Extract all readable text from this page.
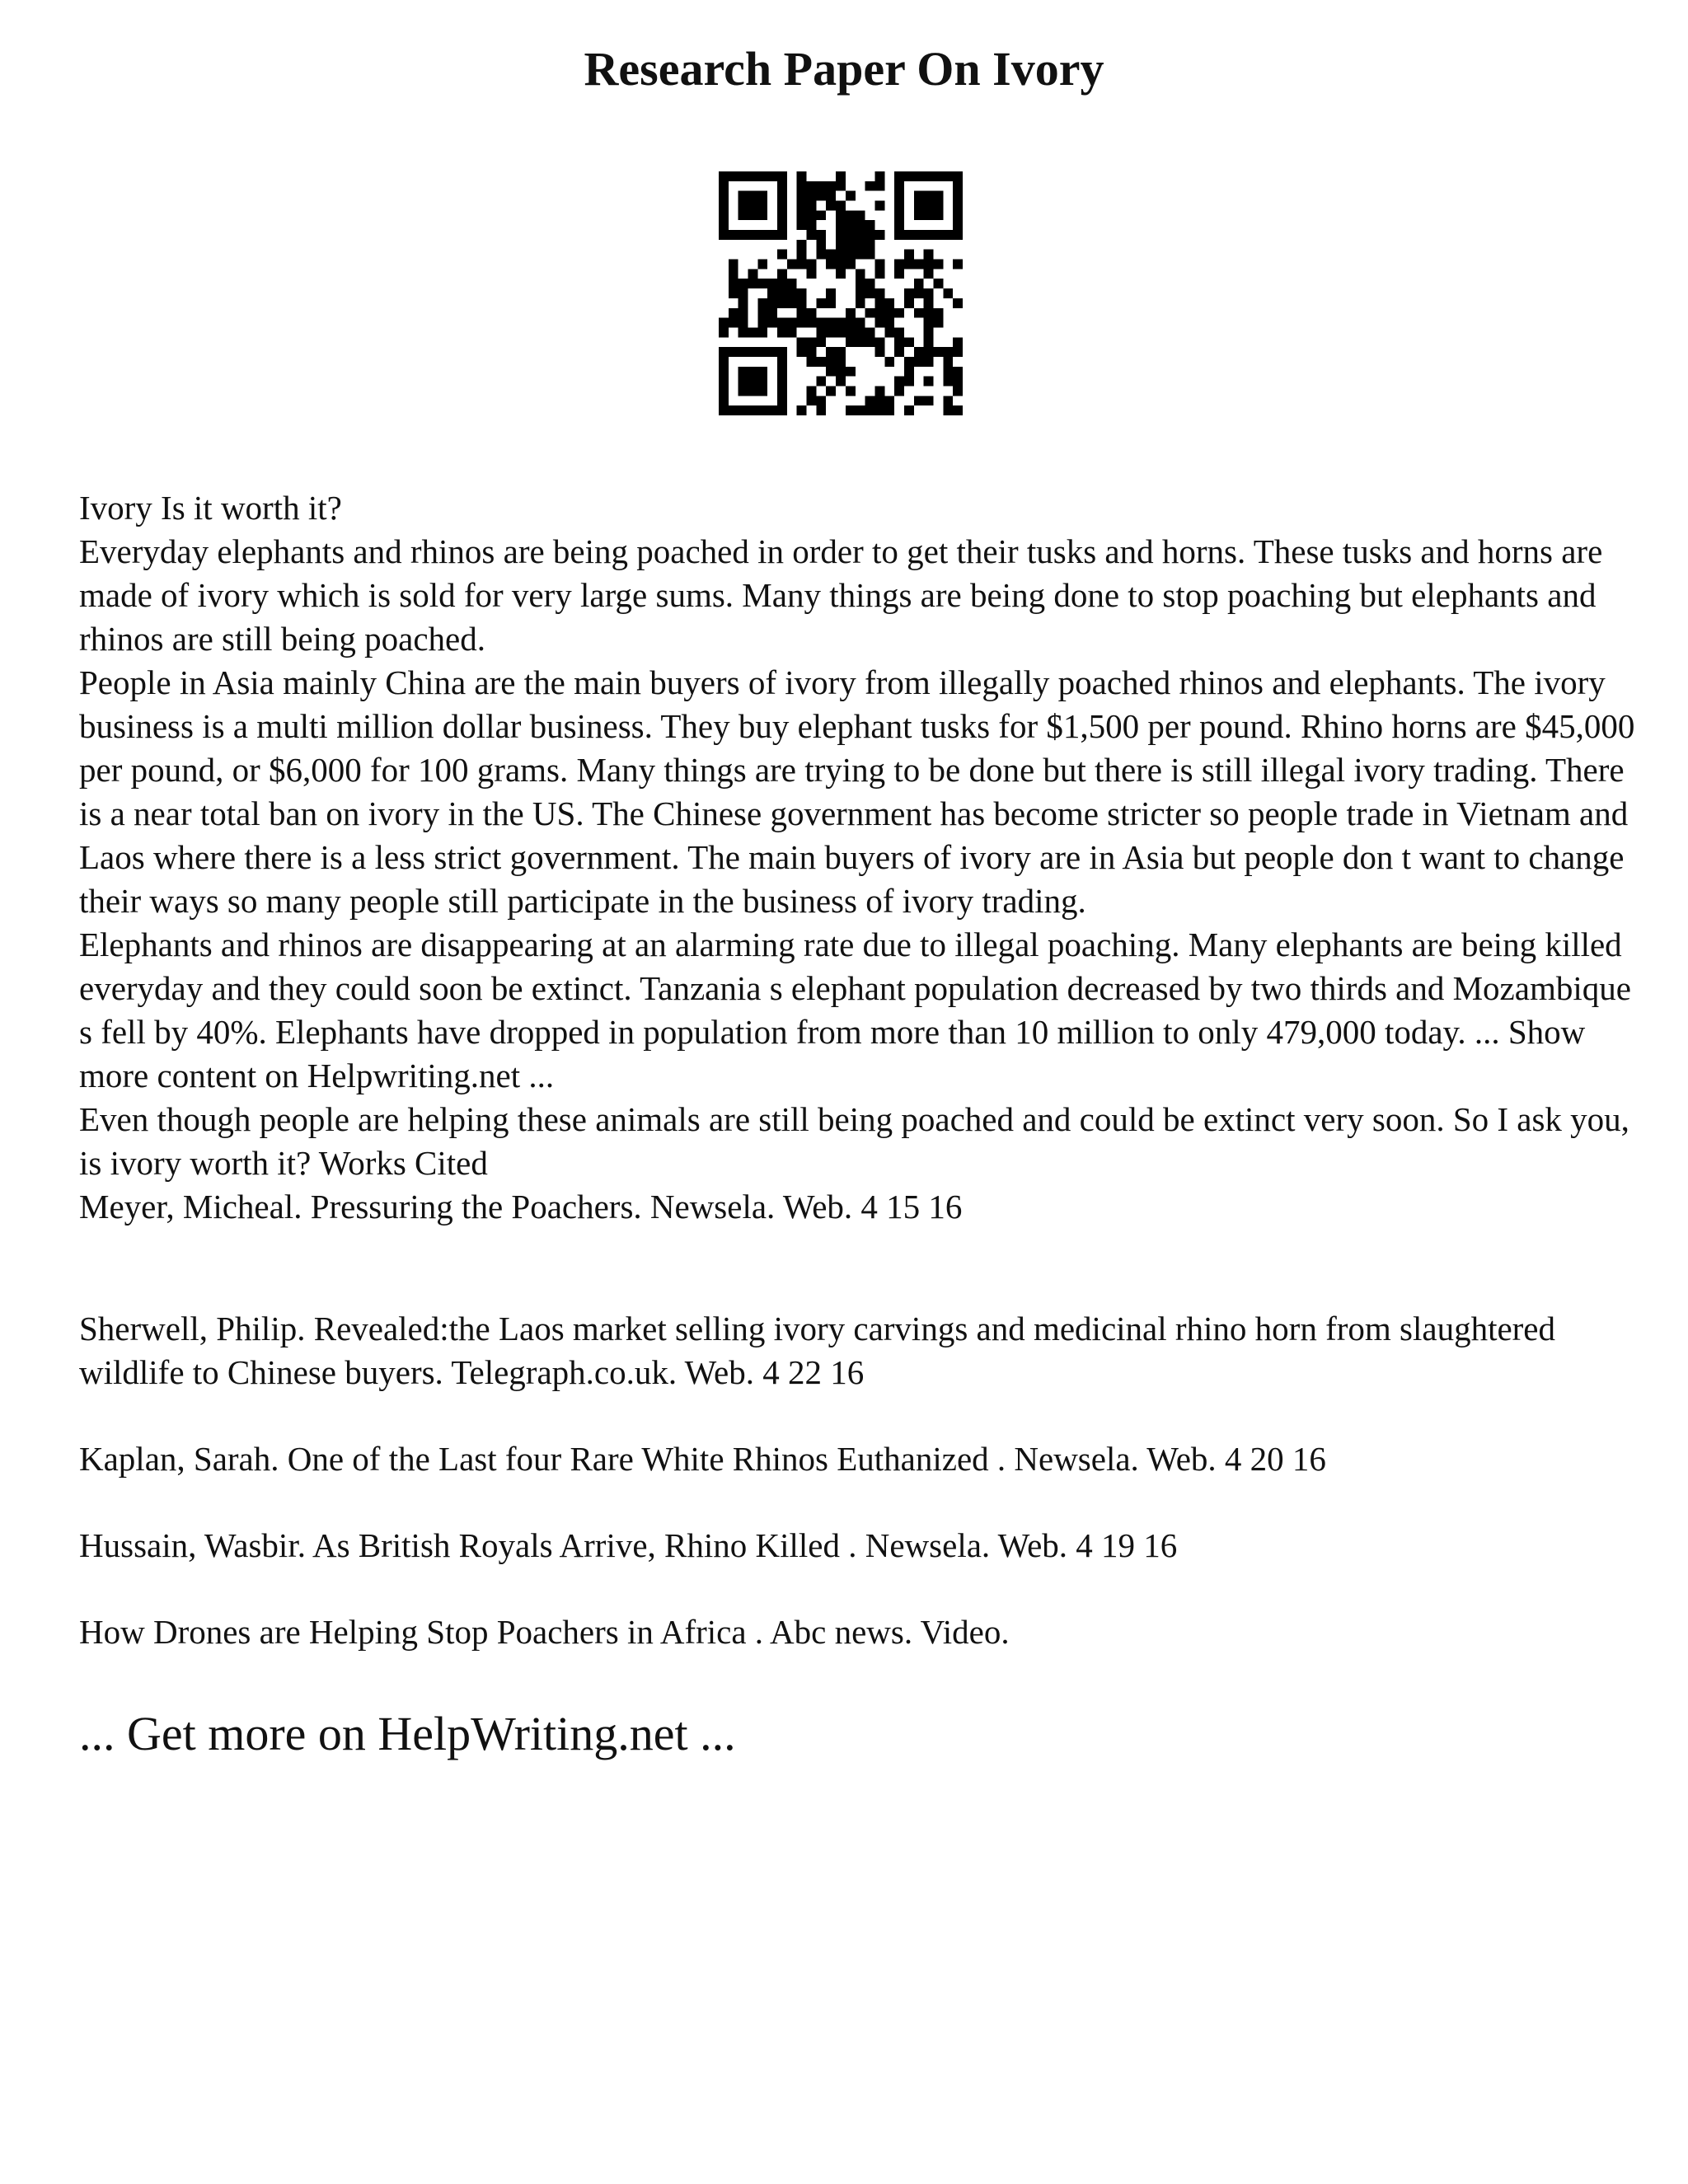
Research Paper On Ivory

Ivory Is it worth it?

Everyday elephants and rhinos are being poached in order to get their tusks and horns. These tusks and horns are made of ivory which is sold for very large sums. Many things are being done to stop poaching but elephants and rhinos are still being poached.

People in Asia mainly China are the main buyers of ivory from illegally poached rhinos and elephants. The ivory business is a multi million dollar business. They buy elephant tusks for $1,500 per pound. Rhino horns are $45,000 per pound, or $6,000 for 100 grams. Many things are trying to be done but there is still illegal ivory trading. There is a near total ban on ivory in the US. The Chinese government has become stricter so people trade in Vietnam and Laos where there is a less strict government. The main buyers of ivory are in Asia but people don t want to change their ways so many people still participate in the business of ivory trading.

Elephants and rhinos are disappearing at an alarming rate due to illegal poaching. Many elephants are being killed everyday and they could soon be extinct. Tanzania s elephant population decreased by two thirds and Mozambique s fell by 40%. Elephants have dropped in population from more than 10 million to only 479,000 today. ... Show more content on Helpwriting.net ...

Even though people are helping these animals are still being poached and could be extinct very soon. So I ask you, is ivory worth it? Works Cited

Meyer, Micheal. Pressuring the Poachers. Newsela. Web. 4 15 16

Sherwell, Philip. Revealed:the Laos market selling ivory carvings and medicinal rhino horn from slaughtered wildlife to Chinese buyers. Telegraph.co.uk. Web. 4 22 16

Kaplan, Sarah. One of the Last four Rare White Rhinos Euthanized . Newsela. Web. 4 20 16

Hussain, Wasbir. As British Royals Arrive, Rhino Killed . Newsela. Web. 4 19 16

How Drones are Helping Stop Poachers in Africa . Abc news. Video.

... Get more on HelpWriting.net ...
